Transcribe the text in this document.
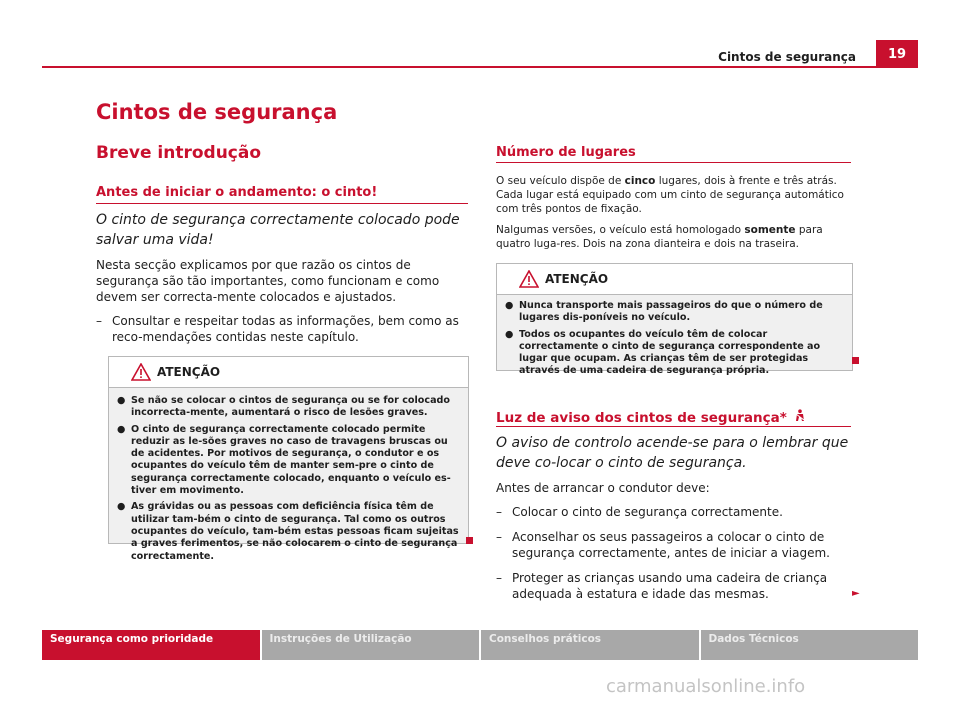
Cintos de segurança	19
Cintos de segurança
Breve introdução
Antes de iniciar o andamento: o cinto!
O cinto de segurança correctamente colocado pode salvar uma vida!
Nesta secção explicamos por que razão os cintos de segurança são tão importantes, como funcionam e como devem ser correcta-mente colocados e ajustados.
– Consultar e respeitar todas as informações, bem como as reco-mendações contidas neste capítulo.
ATENÇÃO
● Se não se colocar o cintos de segurança ou se for colocado incorrecta-mente, aumentará o risco de lesões graves.
● O cinto de segurança correctamente colocado permite reduzir as le-sões graves no caso de travagens bruscas ou de acidentes. Por motivos de segurança, o condutor e os ocupantes do veículo têm de manter sem-pre o cinto de segurança correctamente colocado, enquanto o veículo es-tiver em movimento.
● As grávidas ou as pessoas com deficiência física têm de utilizar tam-bém o cinto de segurança. Tal como os outros ocupantes do veículo, tam-bém estas pessoas ficam sujeitas a graves ferimentos, se não colocarem o cinto de segurança correctamente.
Número de lugares
O seu veículo dispõe de cinco lugares, dois à frente e três atrás. Cada lugar está equipado com um cinto de segurança automático com três pontos de fixação.
Nalgumas versões, o veículo está homologado somente para quatro luga-res. Dois na zona dianteira e dois na traseira.
ATENÇÃO
● Nunca transporte mais passageiros do que o número de lugares dis-poníveis no veículo.
● Todos os ocupantes do veículo têm de colocar correctamente o cinto de segurança correspondente ao lugar que ocupam. As crianças têm de ser protegidas através de uma cadeira de segurança própria.
Luz de aviso dos cintos de segurança*
O aviso de controlo acende-se para o lembrar que deve co-locar o cinto de segurança.
Antes de arrancar o condutor deve:
– Colocar o cinto de segurança correctamente.
– Aconselhar os seus passageiros a colocar o cinto de segurança correctamente, antes de iniciar a viagem.
– Proteger as crianças usando uma cadeira de criança adequada à estatura e idade das mesmas.	►
Segurança como prioridade	Instruções de Utilização	Conselhos práticos	Dados Técnicos
carmanualsonline.info
